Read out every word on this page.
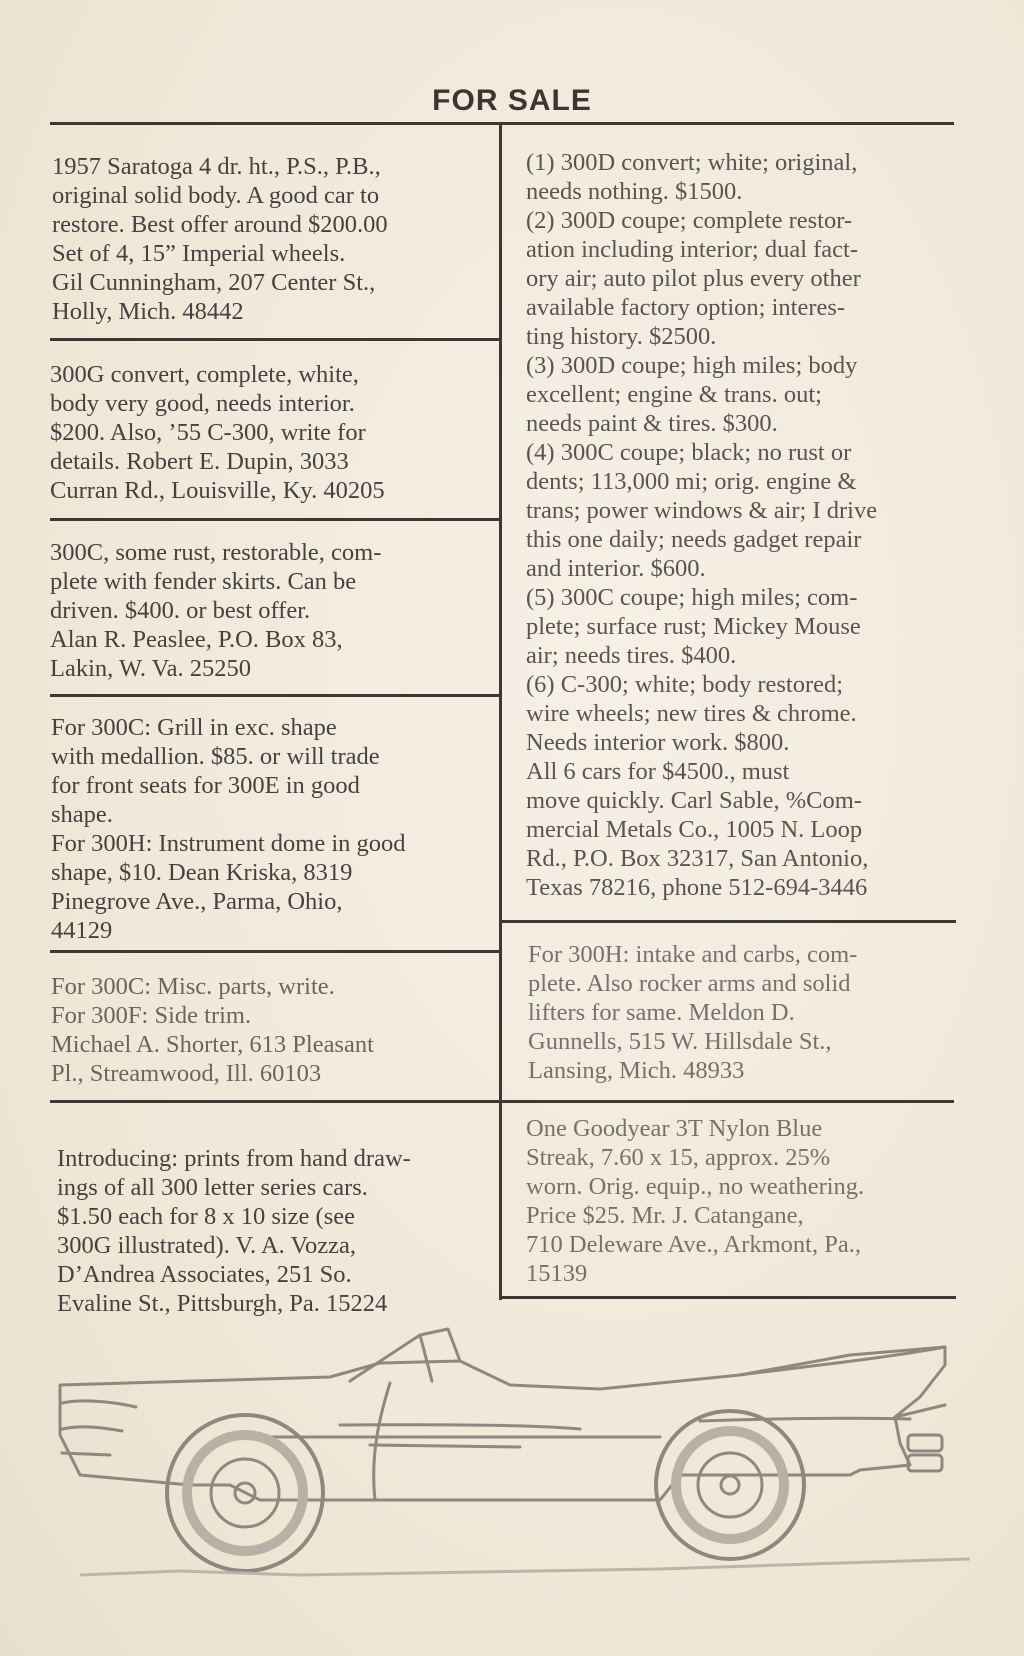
FOR SALE
1957 Saratoga 4 dr. ht., P.S., P.B.,
original solid body. A good car to
restore. Best offer around $200.00
Set of 4, 15” Imperial wheels.
Gil Cunningham, 207 Center St.,
Holly, Mich. 48442
300G convert, complete, white,
body very good, needs interior.
$200. Also, ’55 C-300, write for
details. Robert E. Dupin, 3033
Curran Rd., Louisville, Ky. 40205
300C, some rust, restorable, com-
plete with fender skirts. Can be
driven. $400. or best offer.
Alan R. Peaslee, P.O. Box 83,
Lakin, W. Va. 25250
For 300C: Grill in exc. shape
with medallion. $85. or will trade
for front seats for 300E in good
shape.
For 300H: Instrument dome in good
shape, $10. Dean Kriska, 8319
Pinegrove Ave., Parma, Ohio,
44129
For 300C: Misc. parts, write.
For 300F: Side trim.
Michael A. Shorter, 613 Pleasant
Pl., Streamwood, Ill. 60103
Introducing: prints from hand draw-
ings of all 300 letter series cars.
$1.50 each for 8 x 10 size (see
300G illustrated). V. A. Vozza,
D’Andrea Associates, 251 So.
Evaline St., Pittsburgh, Pa. 15224
(1) 300D convert; white; original,
needs nothing. $1500.
(2) 300D coupe; complete restor-
ation including interior; dual fact-
ory air; auto pilot plus every other
available factory option; interes-
ting history. $2500.
(3) 300D coupe; high miles; body
excellent; engine & trans. out;
needs paint & tires. $300.
(4) 300C coupe; black; no rust or
dents; 113,000 mi; orig. engine &
trans; power windows & air; I drive
this one daily; needs gadget repair
and interior. $600.
(5) 300C coupe; high miles; com-
plete; surface rust; Mickey Mouse
air; needs tires. $400.
(6) C-300; white; body restored;
wire wheels; new tires & chrome.
Needs interior work. $800.
All 6 cars for $4500., must
move quickly. Carl Sable, %Com-
mercial Metals Co., 1005 N. Loop
Rd., P.O. Box 32317, San Antonio,
Texas 78216, phone 512-694-3446
For 300H: intake and carbs, com-
plete. Also rocker arms and solid
lifters for same. Meldon D.
Gunnells, 515 W. Hillsdale St.,
Lansing, Mich. 48933
One Goodyear 3T Nylon Blue
Streak, 7.60 x 15, approx. 25%
worn. Orig. equip., no weathering.
Price $25. Mr. J. Catangane,
710 Deleware Ave., Arkmont, Pa.,
15139
